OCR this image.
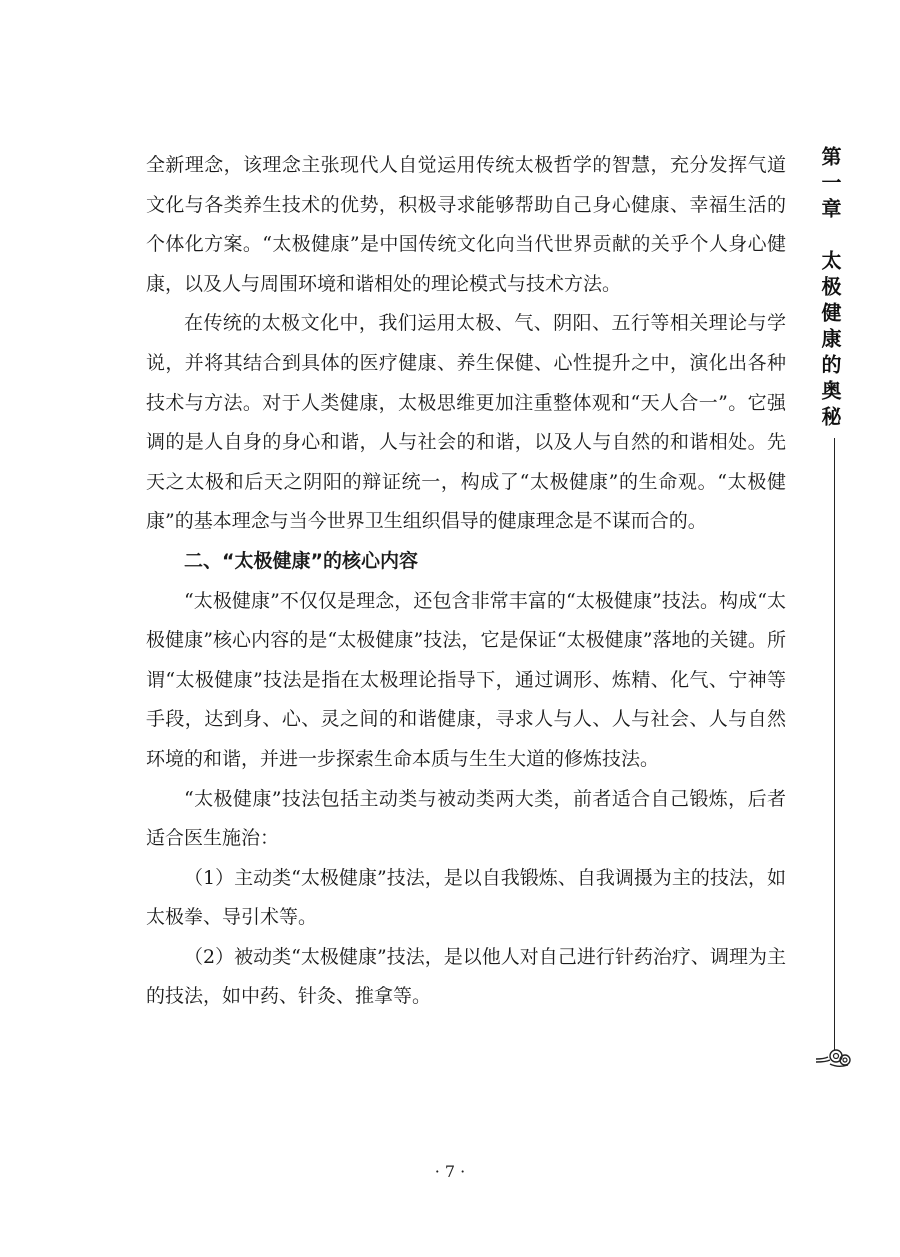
全新理念，该理念主张现代人自觉运用传统太极哲学的智慧，充分发挥气道文化与各类养生技术的优势，积极寻求能够帮助自己身心健康、幸福生活的个体化方案。“太极健康”是中国传统文化向当代世界贡献的关乎个人身心健康，以及人与周围环境和谐相处的理论模式与技术方法。

在传统的太极文化中，我们运用太极、气、阴阳、五行等相关理论与学说，并将其结合到具体的医疗健康、养生保健、心性提升之中，演化出各种技术与方法。对于人类健康，太极思维更加注重整体观和“天人合一”。它强调的是人自身的身心和谐，人与社会的和谐，以及人与自然的和谐相处。先天之太极和后天之阴阳的辩证统一，构成了“太极健康”的生命观。“太极健康”的基本理念与当今世界卫生组织倡导的健康理念是不谋而合的。

二、“太极健康”的核心内容

“太极健康”不仅仅是理念，还包含非常丰富的“太极健康”技法。构成“太极健康”核心内容的是“太极健康”技法，它是保证“太极健康”落地的关键。所谓“太极健康”技法是指在太极理论指导下，通过调形、炼精、化气、宁神等手段，达到身、心、灵之间的和谐健康，寻求人与人、人与社会、人与自然环境的和谐，并进一步探索生命本质与生生大道的修炼技法。

“太极健康”技法包括主动类与被动类两大类，前者适合自己锻炼，后者适合医生施治：

（1）主动类“太极健康”技法，是以自我锻炼、自我调摄为主的技法，如太极拳、导引术等。

（2）被动类“太极健康”技法，是以他人对自己进行针药治疗、调理为主的技法，如中药、针灸、推拿等。

第一章　太极健康的奥秘
· 7 ·
